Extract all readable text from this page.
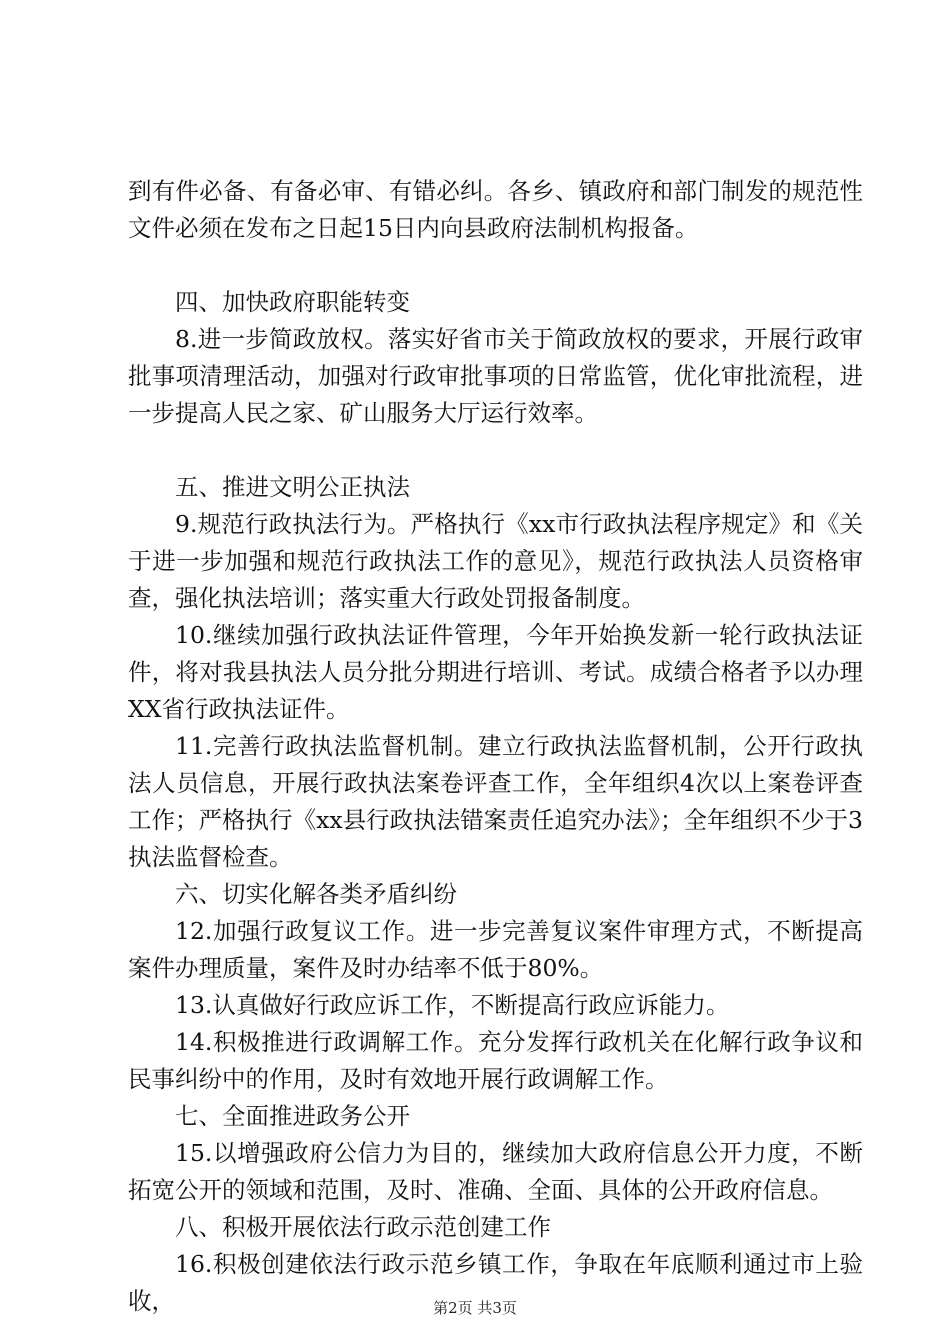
到有件必备、有备必审、有错必纠。各乡、镇政府和部门制发的规范性文件必须在发布之日起15日内向县政府法制机构报备。

四、加快政府职能转变

8.进一步简政放权。落实好省市关于简政放权的要求，开展行政审批事项清理活动，加强对行政审批事项的日常监管，优化审批流程，进一步提高人民之家、矿山服务大厅运行效率。

五、推进文明公正执法

9.规范行政执法行为。严格执行《xx市行政执法程序规定》和《关于进一步加强和规范行政执法工作的意见》，规范行政执法人员资格审查，强化执法培训；落实重大行政处罚报备制度。

10.继续加强行政执法证件管理，今年开始换发新一轮行政执法证件，将对我县执法人员分批分期进行培训、考试。成绩合格者予以办理XX省行政执法证件。

11.完善行政执法监督机制。建立行政执法监督机制，公开行政执法人员信息，开展行政执法案卷评查工作，全年组织4次以上案卷评查工作；严格执行《xx县行政执法错案责任追究办法》；全年组织不少于3执法监督检查。

六、切实化解各类矛盾纠纷

12.加强行政复议工作。进一步完善复议案件审理方式，不断提高案件办理质量，案件及时办结率不低于80%。

13.认真做好行政应诉工作，不断提高行政应诉能力。

14.积极推进行政调解工作。充分发挥行政机关在化解行政争议和民事纠纷中的作用，及时有效地开展行政调解工作。

七、全面推进政务公开

15.以增强政府公信力为目的，继续加大政府信息公开力度，不断拓宽公开的领域和范围，及时、准确、全面、具体的公开政府信息。

八、积极开展依法行政示范创建工作

16.积极创建依法行政示范乡镇工作，争取在年底顺利通过市上验收，	第2页 共3页
